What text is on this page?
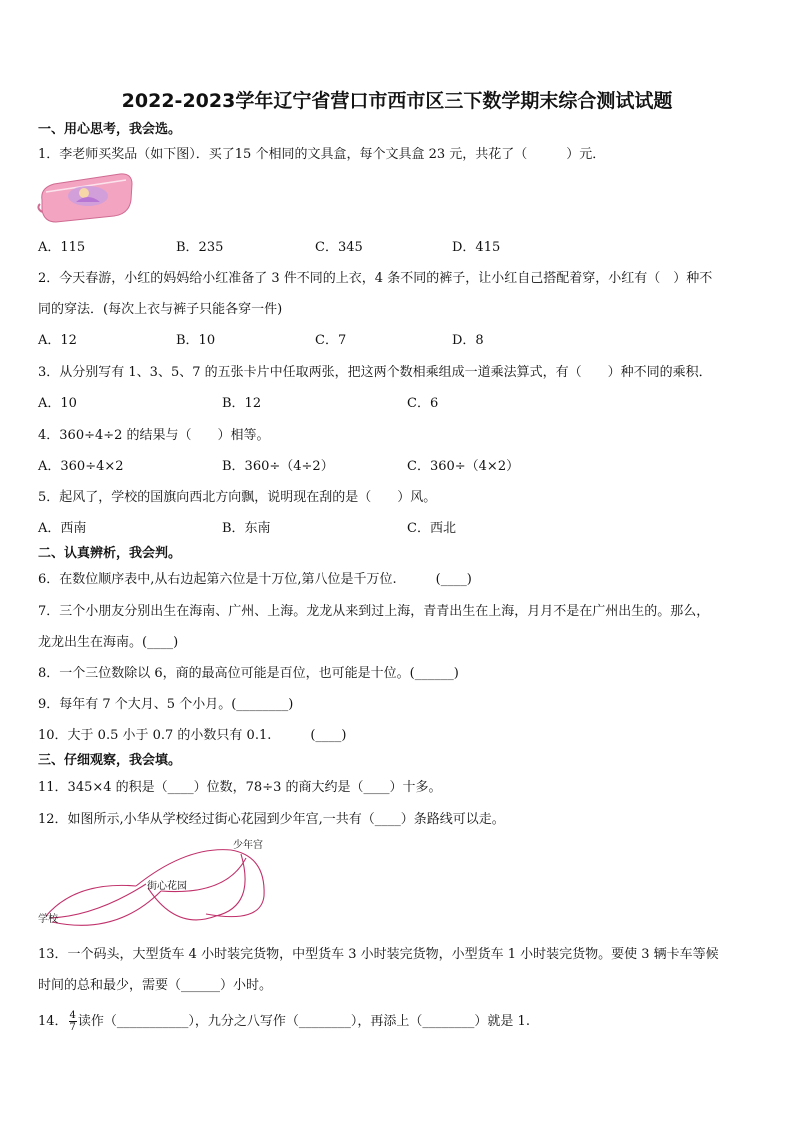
2022-2023学年辽宁省营口市西市区三下数学期末综合测试试题
一、用心思考，我会选。
1．李老师买奖品（如下图）．买了15 个相同的文具盒，每个文具盒 23 元，共花了（　　　）元．
A．115	B．235	C．345	D．415
2．今天春游，小红的妈妈给小红准备了 3 件不同的上衣，4 条不同的裤子，让小红自己搭配着穿，小红有（　）种不
同的穿法．(每次上衣与裤子只能各穿一件)
A．12	B．10	C．7	D．8
3．从分别写有 1、3、5、7 的五张卡片中任取两张，把这两个数相乘组成一道乘法算式，有（　　）种不同的乘积．
A．10	B．12	C．6
4．360÷4÷2 的结果与（　　）相等。
A．360÷4×2	B．360÷（4÷2）	C．360÷（4×2）
5．起风了，学校的国旗向西北方向飘，说明现在刮的是（　　）风。
A．西南	B．东南	C．西北
二、认真辨析，我会判。
6．在数位顺序表中,从右边起第六位是十万位,第八位是千万位.　　　(____)
7．三个小朋友分别出生在海南、广州、上海。龙龙从来到过上海，青青出生在上海，月月不是在广州出生的。那么，
龙龙出生在海南。(____)
8．一个三位数除以 6，商的最高位可能是百位，也可能是十位。(______)
9．每年有 7 个大月、5 个小月。(________)
10．大于 0.5 小于 0.7 的小数只有 0.1.　　　(____)
三、仔细观察，我会填。
11．345×4 的积是（____）位数，78÷3 的商大约是（____）十多。
12．如图所示,小华从学校经过街心花园到少年宫,一共有（____）条路线可以走。
少年宫
街心花园
学校
13．一个码头，大型货车 4 小时装完货物，中型货车 3 小时装完货物，小型货车 1 小时装完货物。要使 3 辆卡车等候
时间的总和最少，需要（______）小时。
14． $\frac{4}{7}$ 读作（___________），九分之八写作（________），再添上（________）就是 1.
